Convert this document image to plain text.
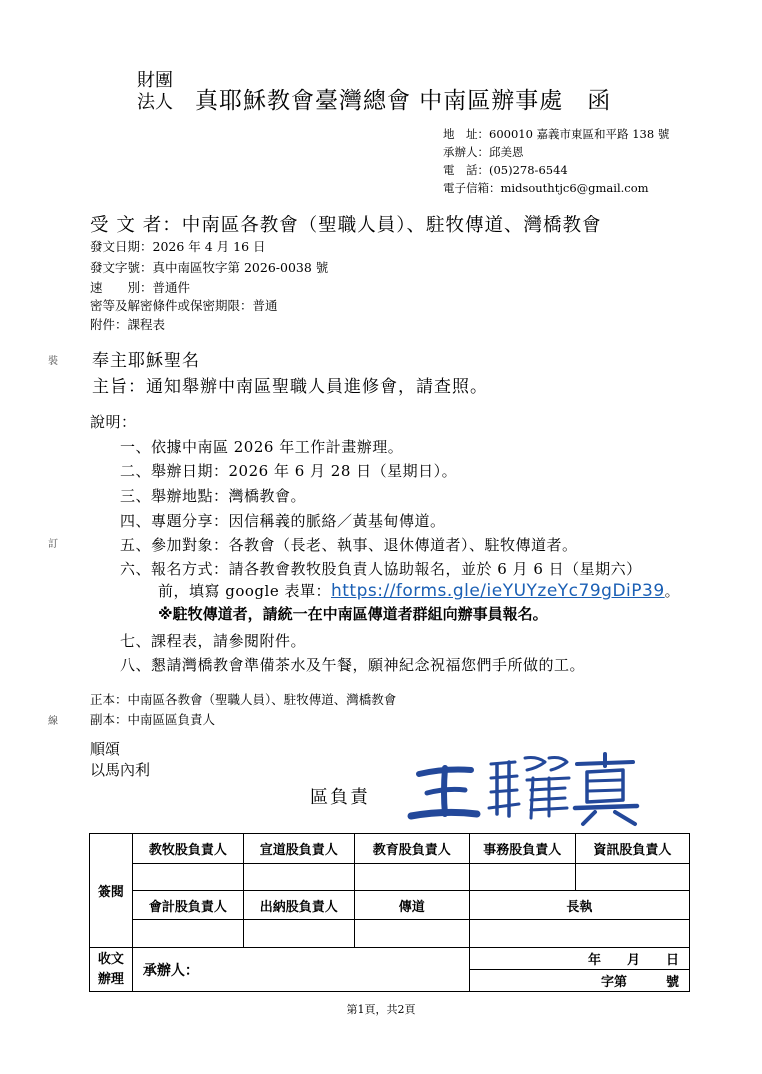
財團
法人 真耶穌教會臺灣總會 中南區辦事處　函
地　址：600010 嘉義市東區和平路 138 號
承辦人：邱美恩
電　話：(05)278-6544
電子信箱：midsouthtjc6@gmail.com
受 文 者：中南區各教會（聖職人員）、駐牧傳道、灣橋教會
發文日期：2026 年 4 月 16 日
發文字號：真中南區牧字第 2026-0038 號
速　　別：普通件
密等及解密條件或保密期限：普通
附件：課程表
裝
訂
線
奉主耶穌聖名
主旨：通知舉辦中南區聖職人員進修會，請查照。
說明：
一、依據中南區 2026 年工作計畫辦理。
二、舉辦日期：2026 年 6 月 28 日（星期日）。
三、舉辦地點：灣橋教會。
四、專題分享：因信稱義的脈絡／黃基甸傳道。
五、參加對象：各教會（長老、執事、退休傳道者）、駐牧傳道者。
六、報名方式：請各教會教牧股負責人協助報名，並於 6 月 6 日（星期六）
前，填寫 google 表單：https://forms.gle/ieYUYzeYc79gDiP39。
※駐牧傳道者，請統一在中南區傳道者群組向辦事員報名。
七、課程表，請參閱附件。
八、懇請灣橋教會準備茶水及午餐，願神紀念祝福您們手所做的工。
正本：中南區各教會（聖職人員）、駐牧傳道、灣橋教會
副本：中南區區負責人
順頌
以馬內利
區負責
簽閱	教牧股負責人	宣道股負責人	教育股負責人	事務股負責人	資訊股負責人

	會計股負責人	出納股負責人	傳道	長執	

收文辦理	承辦人：			年　　月　　日	
				字第　　　號	
第1頁，共2頁
